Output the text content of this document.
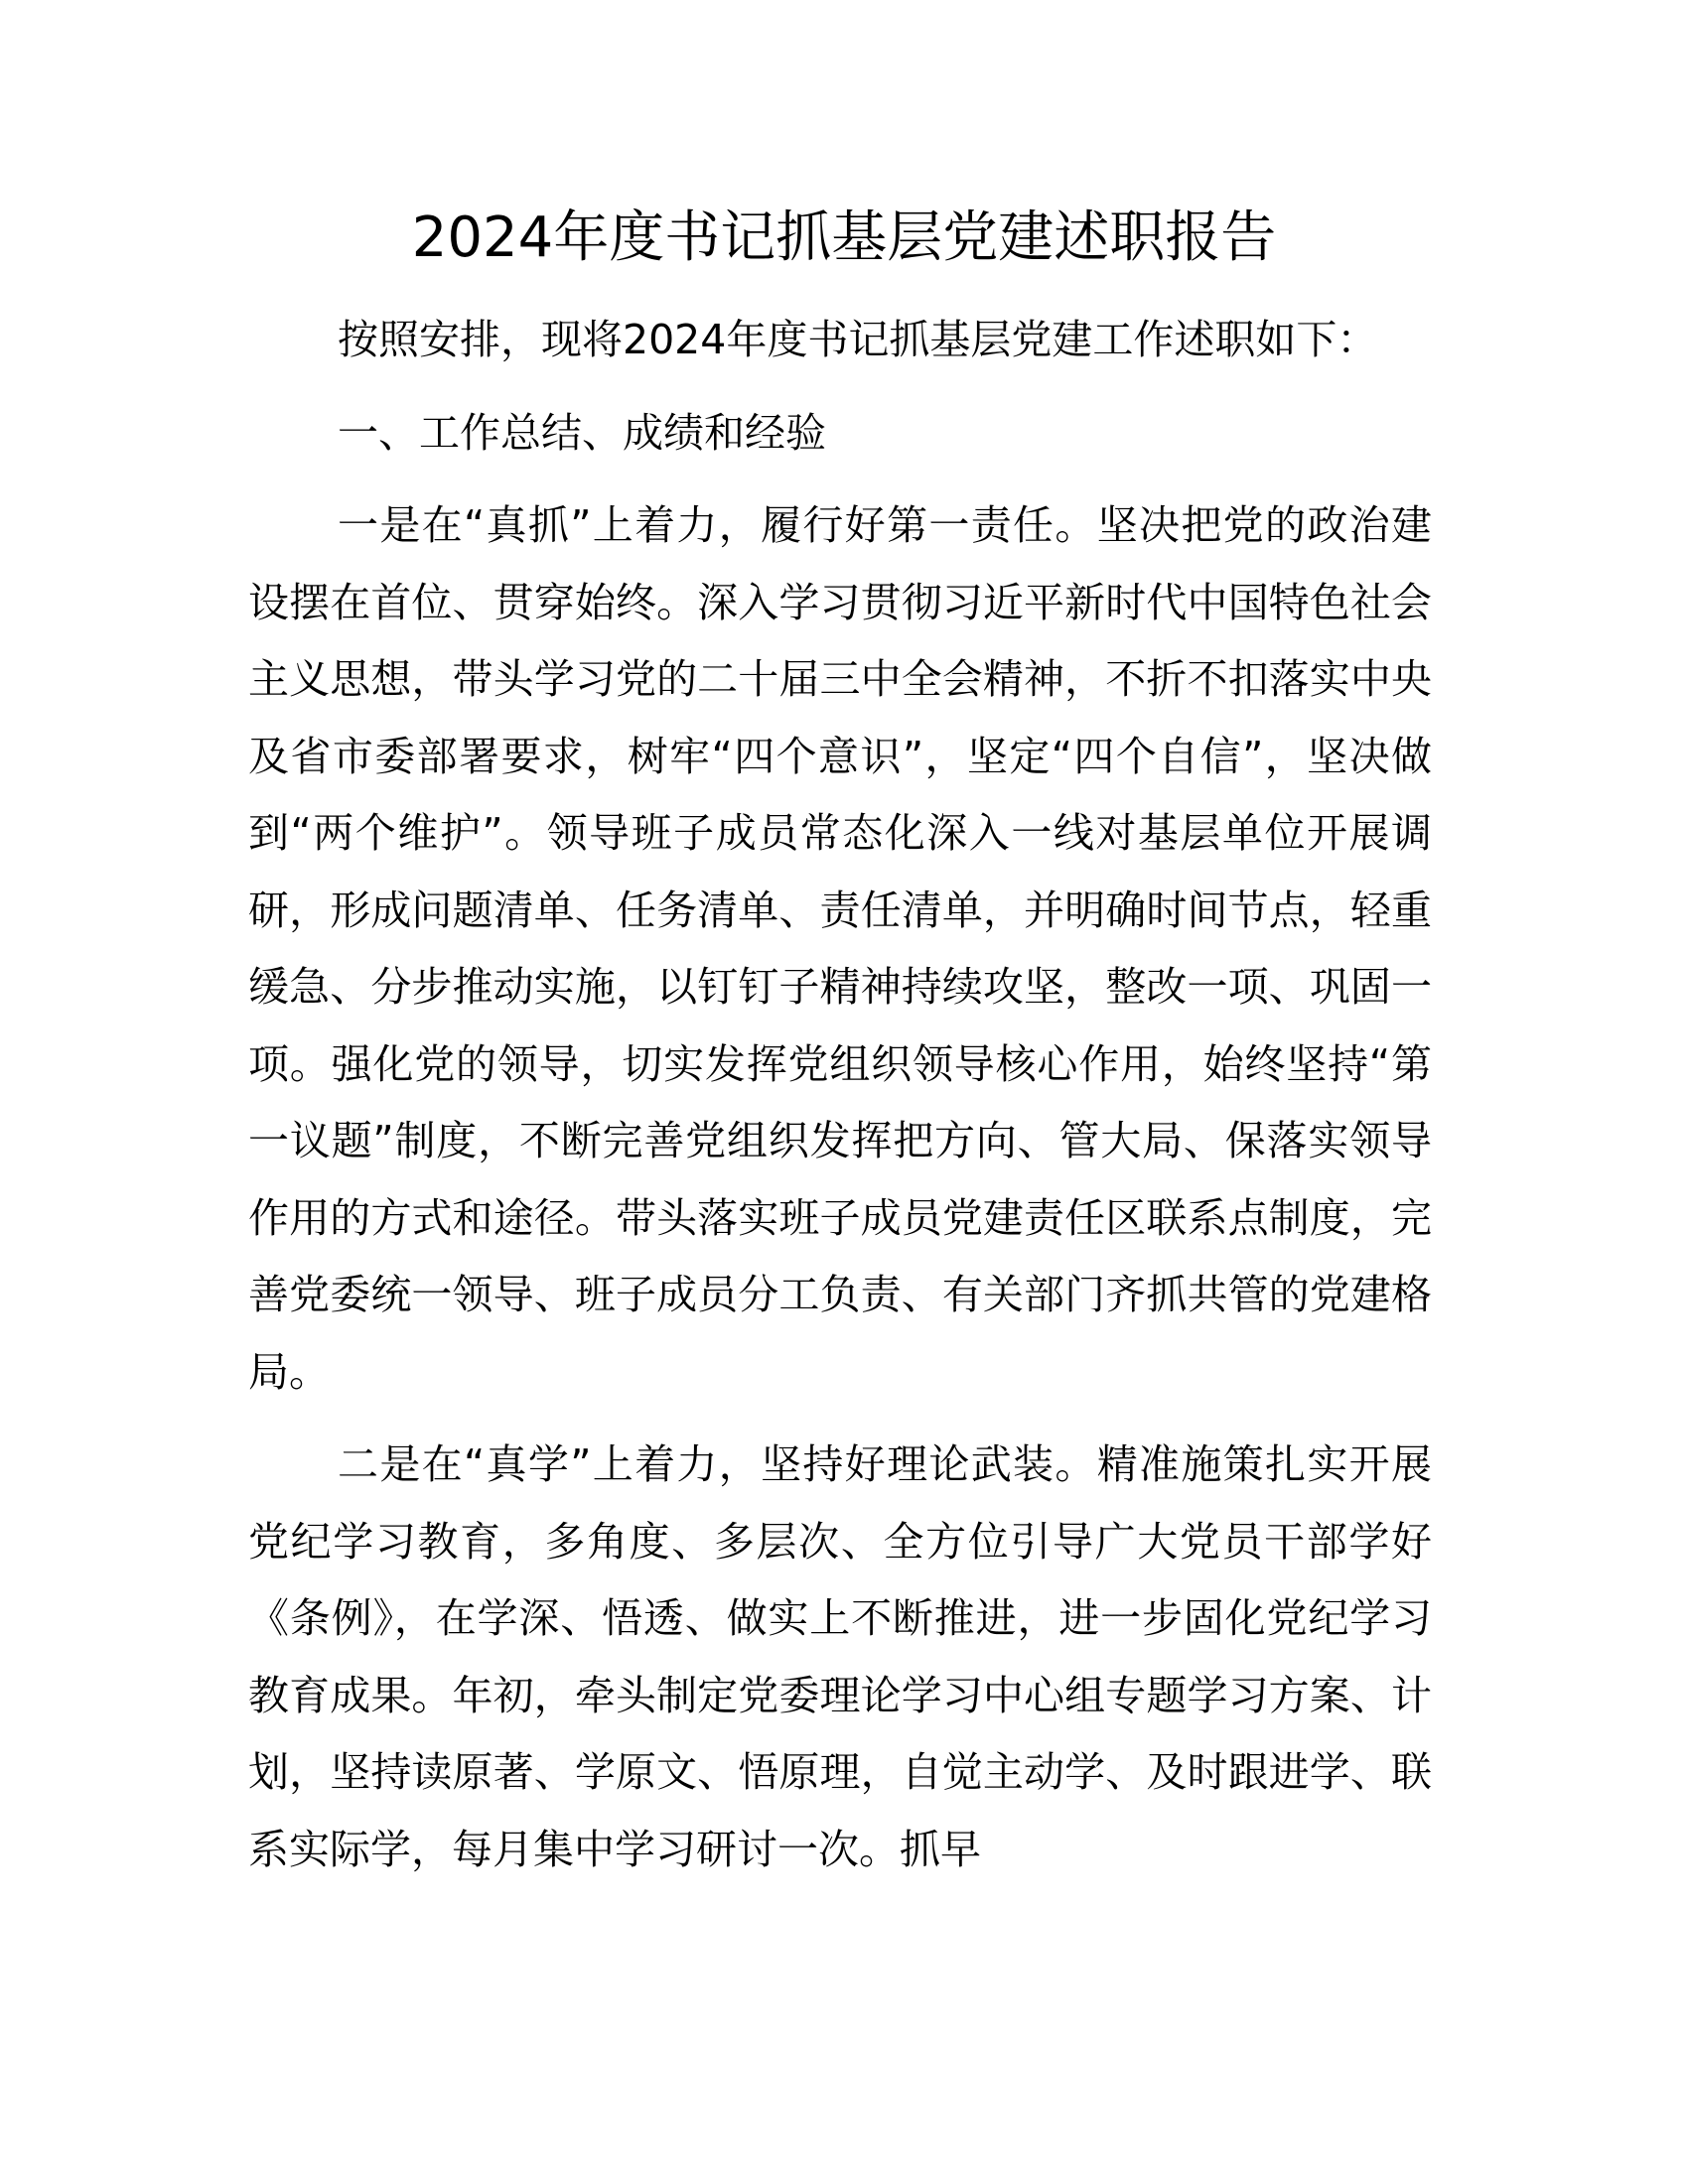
2024年度书记抓基层党建述职报告

按照安排，现将2024年度书记抓基层党建工作述职如下：

一、工作总结、成绩和经验

一是在“真抓”上着力，履行好第一责任。坚决把党的政治建设摆在首位、贯穿始终。深入学习贯彻习近平新时代中国特色社会主义思想，带头学习党的二十届三中全会精神，不折不扣落实中央及省市委部署要求，树牢“四个意识”，坚定“四个自信”，坚决做到“两个维护”。领导班子成员常态化深入一线对基层单位开展调研，形成问题清单、任务清单、责任清单，并明确时间节点，轻重缓急、分步推动实施，以钉钉子精神持续攻坚，整改一项、巩固一项。强化党的领导，切实发挥党组织领导核心作用，始终坚持“第一议题”制度，不断完善党组织发挥把方向、管大局、保落实领导作用的方式和途径。带头落实班子成员党建责任区联系点制度，完善党委统一领导、班子成员分工负责、有关部门齐抓共管的党建格局。

二是在“真学”上着力，坚持好理论武装。精准施策扎实开展党纪学习教育，多角度、多层次、全方位引导广大党员干部学好《条例》，在学深、悟透、做实上不断推进，进一步固化党纪学习教育成果。年初，牵头制定党委理论学习中心组专题学习方案、计划，坚持读原著、学原文、悟原理，自觉主动学、及时跟进学、联系实际学，每月集中学习研讨一次。抓早
